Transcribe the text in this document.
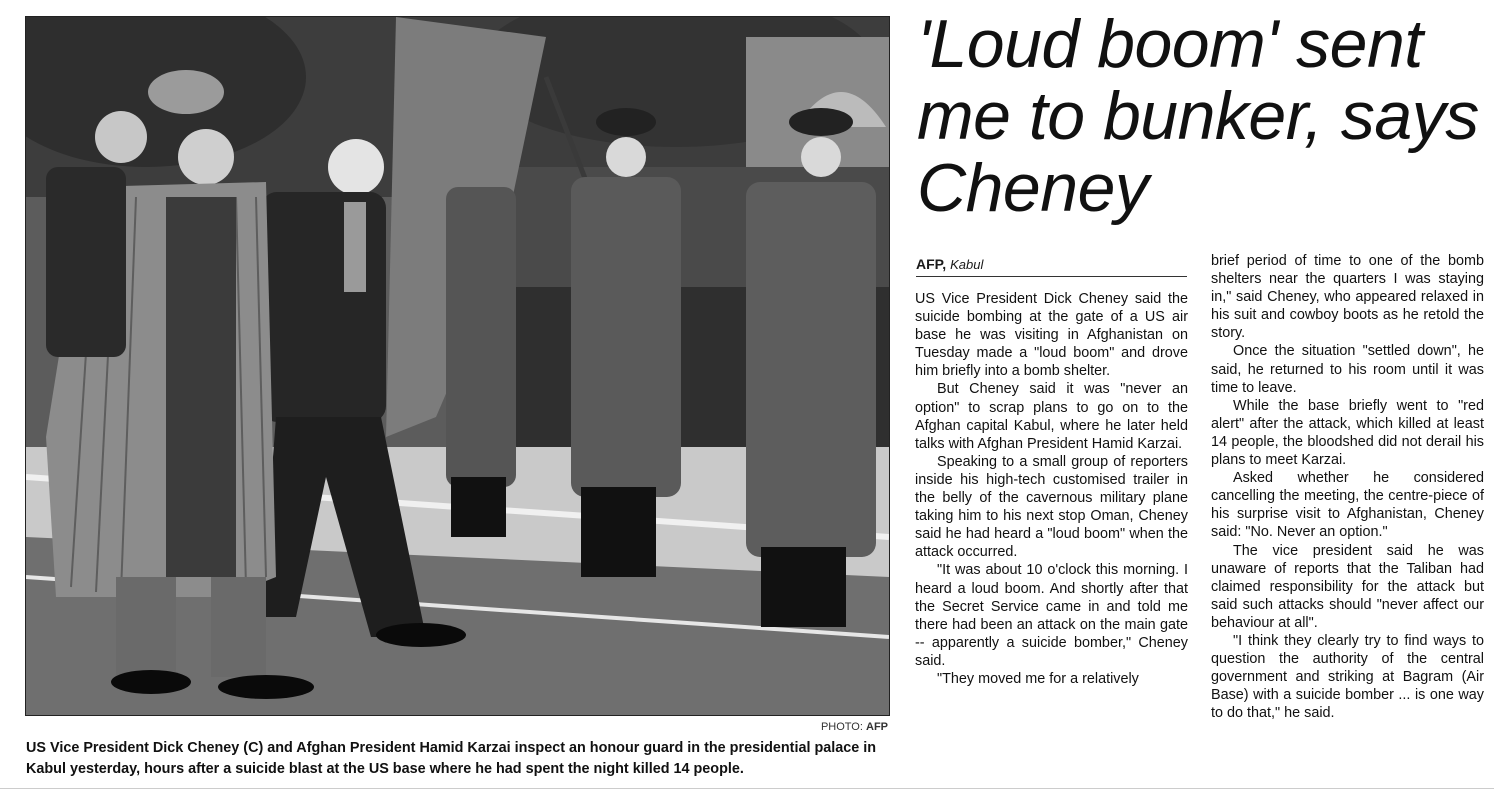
PHOTO: AFP
US Vice President Dick Cheney (C) and Afghan President Hamid Karzai inspect an honour guard in the presidential palace in Kabul yesterday, hours after a suicide blast at the US base where he had spent the night killed 14 people.
'Loud boom' sent me to bunker, says Cheney
AFP, Kabul

US Vice President Dick Cheney said the suicide bombing at the gate of a US air base he was visiting in Afghanistan on Tuesday made a "loud boom" and drove him briefly into a bomb shelter.

But Cheney said it was "never an option" to scrap plans to go on to the Afghan capital Kabul, where he later held talks with Afghan President Hamid Karzai.

Speaking to a small group of reporters inside his high-tech customised trailer in the belly of the cavernous military plane taking him to his next stop Oman, Cheney said he had heard a "loud boom" when the attack occurred.

"It was about 10 o'clock this morning. I heard a loud boom. And shortly after that the Secret Service came in and told me there had been an attack on the main gate -- apparently a suicide bomber," Cheney said.

"They moved me for a relatively

brief period of time to one of the bomb shelters near the quarters I was staying in," said Cheney, who appeared relaxed in his suit and cowboy boots as he retold the story.

Once the situation "settled down", he said, he returned to his room until it was time to leave.

While the base briefly went to "red alert" after the attack, which killed at least 14 people, the bloodshed did not derail his plans to meet Karzai.

Asked whether he considered cancelling the meeting, the centre-piece of his surprise visit to Afghanistan, Cheney said: "No. Never an option."

The vice president said he was unaware of reports that the Taliban had claimed responsibility for the attack but said such attacks should "never affect our behaviour at all".

"I think they clearly try to find ways to question the authority of the central government and striking at Bagram (Air Base) with a suicide bomber ... is one way to do that," he said.
